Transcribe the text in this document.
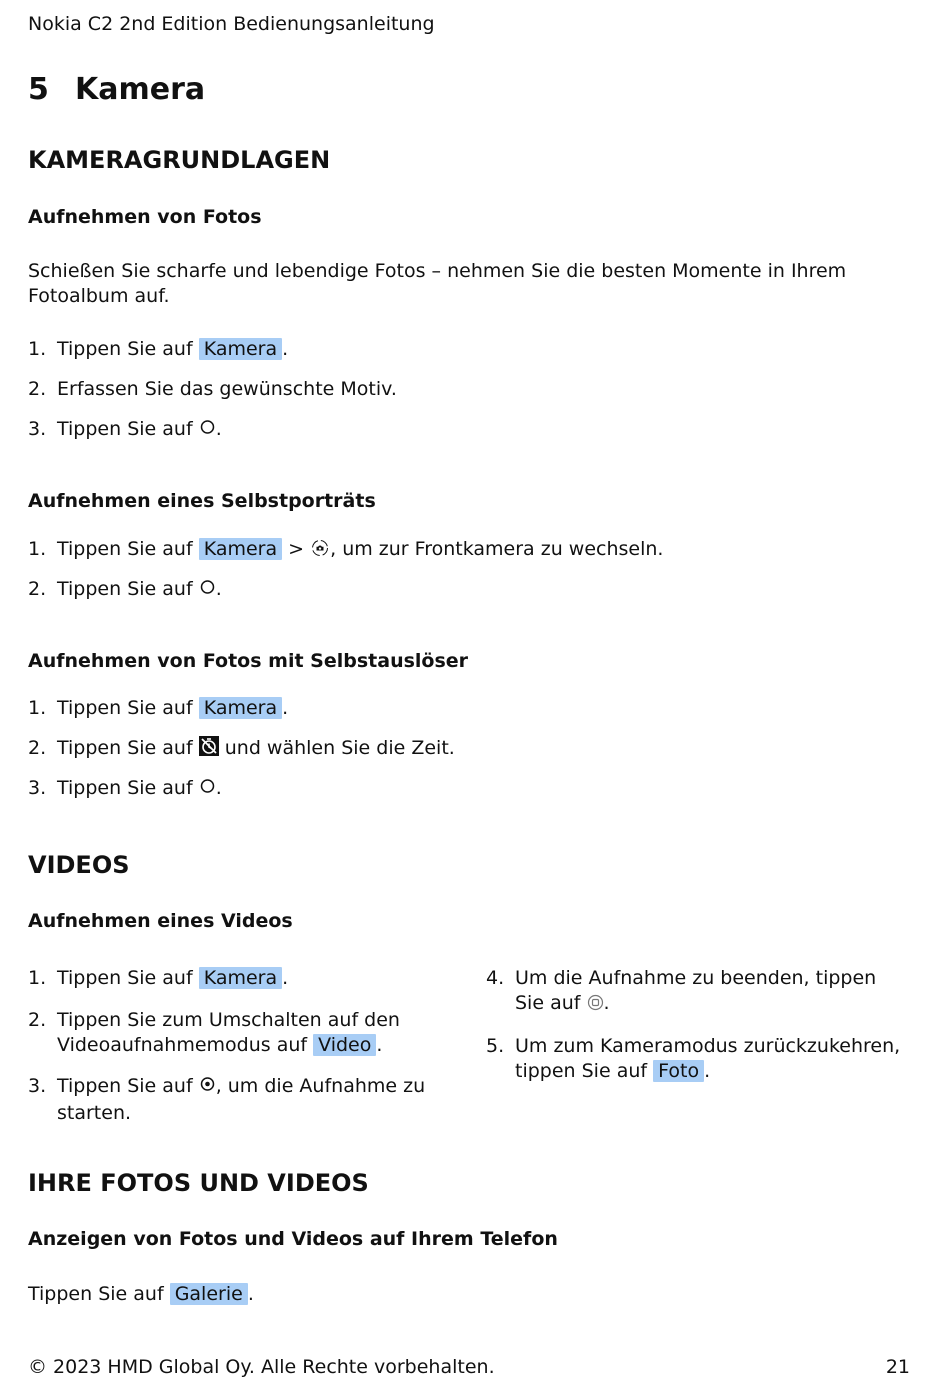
Nokia C2 2nd Edition Bedienungsanleitung
5 Kamera
KAMERAGRUNDLAGEN
Aufnehmen von Fotos
Schießen Sie scharfe und lebendige Fotos – nehmen Sie die besten Momente in Ihrem Fotoalbum auf.
1. Tippen Sie auf Kamera .
2. Erfassen Sie das gewünschte Motiv.
3. Tippen Sie auf .
Aufnehmen eines Selbstporträts
1. Tippen Sie auf Kamera > , um zur Frontkamera zu wechseln.
2. Tippen Sie auf .
Aufnehmen von Fotos mit Selbstauslöser
1. Tippen Sie auf Kamera .
2. Tippen Sie auf und wählen Sie die Zeit.
3. Tippen Sie auf .
VIDEOS
Aufnehmen eines Videos
1. Tippen Sie auf Kamera .
2. Tippen Sie zum Umschalten auf den Videoaufnahmemodus auf Video .
3. Tippen Sie auf , um die Aufnahme zu starten.
4. Um die Aufnahme zu beenden, tippen Sie auf .
5. Um zum Kameramodus zurückzukehren, tippen Sie auf Foto .
IHRE FOTOS UND VIDEOS
Anzeigen von Fotos und Videos auf Ihrem Telefon
Tippen Sie auf Galerie .
© 2023 HMD Global Oy. Alle Rechte vorbehalten.	21
